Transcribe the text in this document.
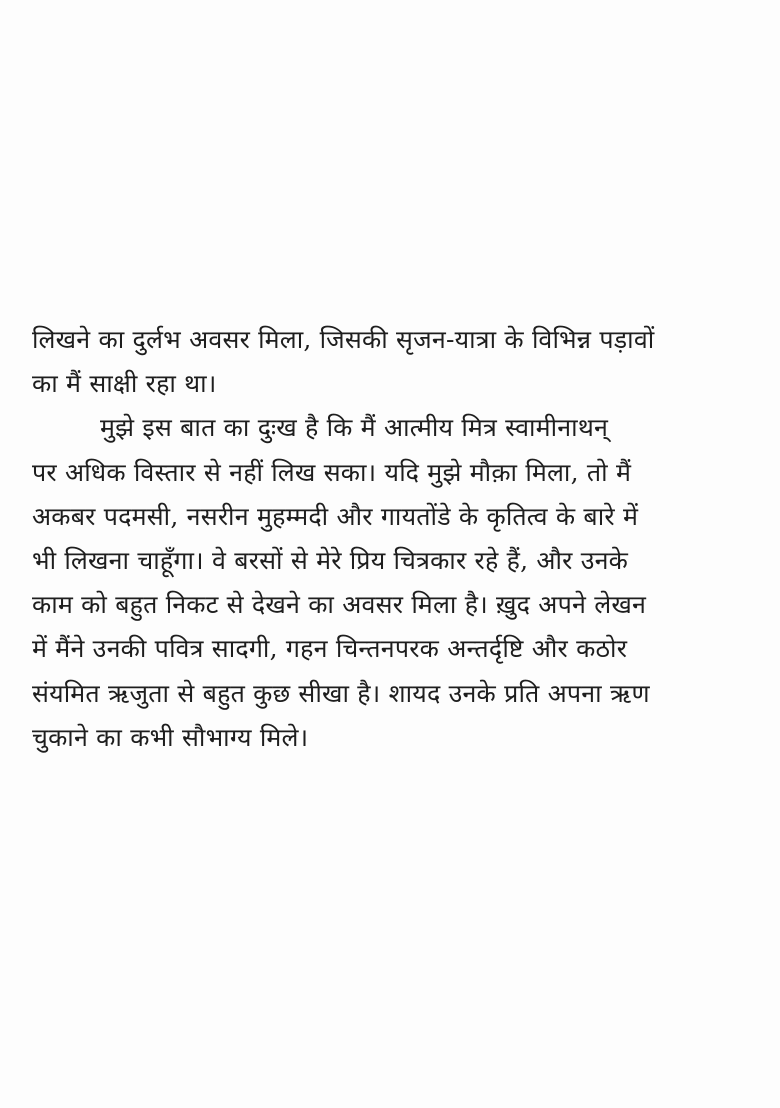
लिखने का दुर्लभ अवसर मिला, जिसकी सृजन-यात्रा के विभिन्न पड़ावों
का मैं साक्षी रहा था।
मुझे इस बात का दुःख है कि मैं आत्मीय मित्र स्वामीनाथन्
पर अधिक विस्तार से नहीं लिख सका। यदि मुझे मौक़ा मिला, तो मैं
अकबर पदमसी, नसरीन मुहम्मदी और गायतोंडे के कृतित्व के बारे में
भी लिखना चाहूँगा। वे बरसों से मेरे प्रिय चित्रकार रहे हैं, और उनके
काम को बहुत निकट से देखने का अवसर मिला है। ख़ुद अपने लेखन
में मैंने उनकी पवित्र सादगी, गहन चिन्तनपरक अन्तर्दृष्टि और कठोर
संयमित ऋजुता से बहुत कुछ सीखा है। शायद उनके प्रति अपना ऋण
चुकाने का कभी सौभाग्य मिले।
